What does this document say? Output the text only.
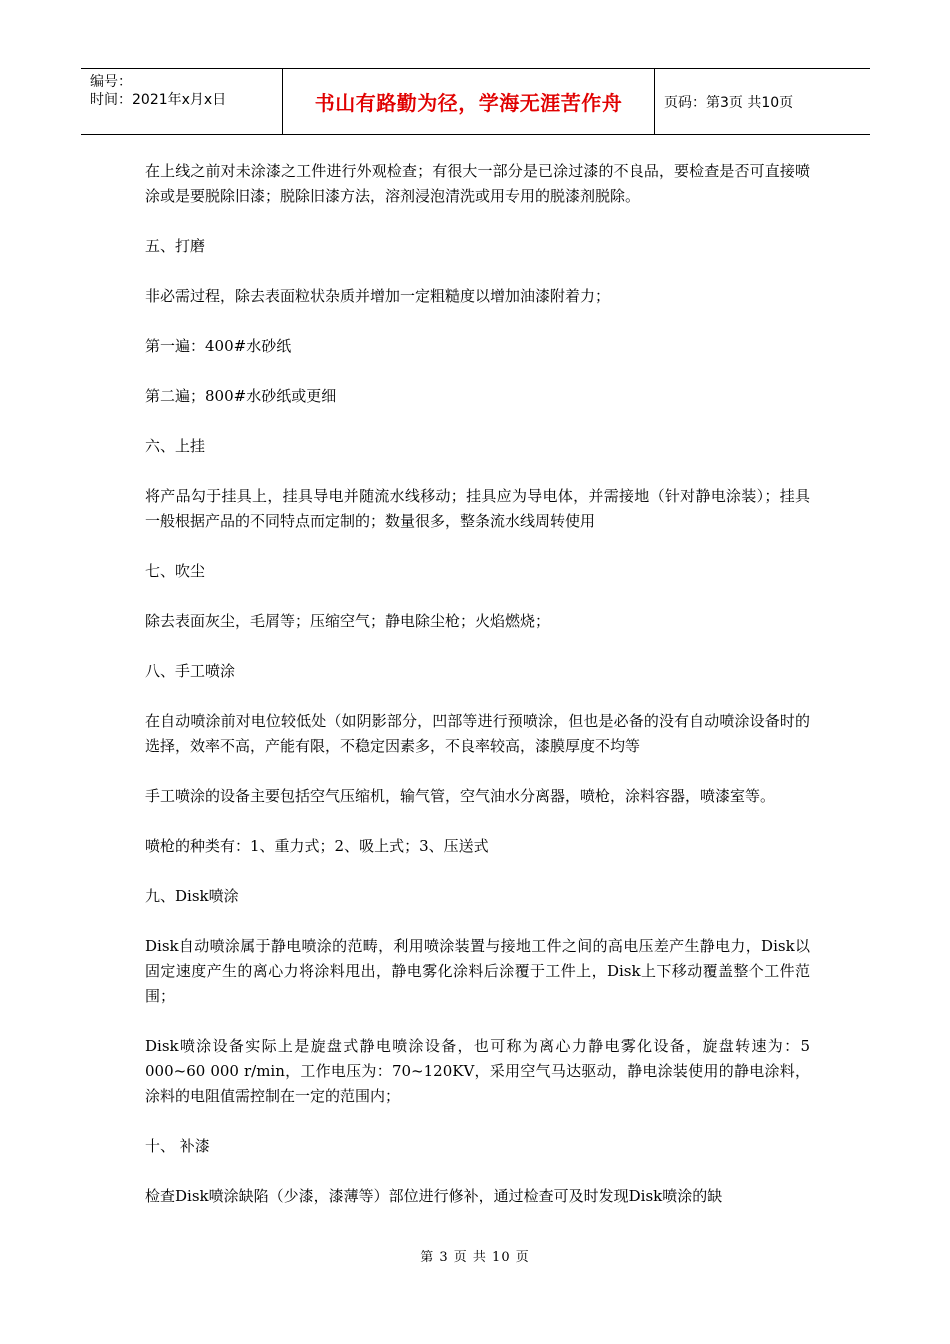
编号：
时间：2021年x月x日	书山有路勤为径，学海无涯苦作舟	页码：第3页 共10页

在上线之前对未涂漆之工件进行外观检查；有很大一部分是已涂过漆的不良品，要检查是否可直接喷涂或是要脱除旧漆；脱除旧漆方法，溶剂浸泡清洗或用专用的脱漆剂脱除。

五、打磨

非必需过程，除去表面粒状杂质并增加一定粗糙度以增加油漆附着力；

第一遍：400#水砂纸

第二遍；800#水砂纸或更细

六、上挂

将产品勾于挂具上，挂具导电并随流水线移动；挂具应为导电体，并需接地（针对静电涂装）；挂具一般根据产品的不同特点而定制的；数量很多，整条流水线周转使用

七、吹尘

除去表面灰尘，毛屑等；压缩空气；静电除尘枪；火焰燃烧；

八、手工喷涂

在自动喷涂前对电位较低处（如阴影部分，凹部等进行预喷涂，但也是必备的没有自动喷涂设备时的选择，效率不高，产能有限，不稳定因素多，不良率较高，漆膜厚度不均等

手工喷涂的设备主要包括空气压缩机，输气管，空气油水分离器，喷枪，涂料容器，喷漆室等。

喷枪的种类有：1、重力式；2、吸上式；3、压送式

九、Disk喷涂

Disk自动喷涂属于静电喷涂的范畴，利用喷涂装置与接地工件之间的高电压差产生静电力，Disk以固定速度产生的离心力将涂料甩出，静电雾化涂料后涂覆于工件上，Disk上下移动覆盖整个工件范围；

Disk喷涂设备实际上是旋盘式静电喷涂设备，也可称为离心力静电雾化设备，旋盘转速为：5 000~60 000 r/min，工作电压为：70~120KV，采用空气马达驱动，静电涂装使用的静电涂料，涂料的电阻值需控制在一定的范围内；

十、 补漆

检查Disk喷涂缺陷（少漆，漆薄等）部位进行修补，通过检查可及时发现Disk喷涂的缺

第 3 页 共 10 页
